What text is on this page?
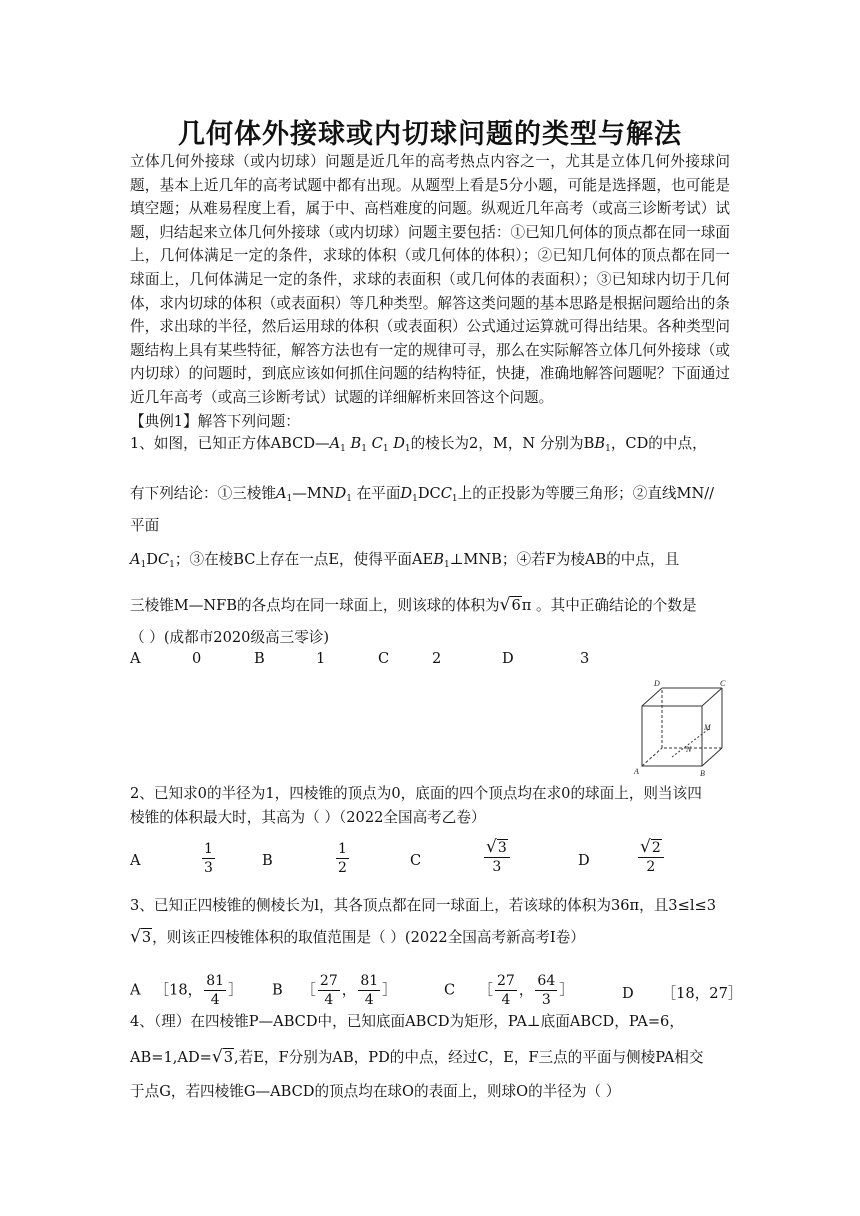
几何体外接球或内切球问题的类型与解法

立体几何外接球（或内切球）问题是近几年的高考热点内容之一，尤其是立体几何外接球问题，基本上近几年的高考试题中都有出现。从题型上看是5分小题，可能是选择题，也可能是填空题；从难易程度上看，属于中、高档难度的问题。纵观近几年高考（或高三诊断考试）试题，归结起来立体几何外接球（或内切球）问题主要包括：①已知几何体的顶点都在同一球面上，几何体满足一定的条件，求球的体积（或几何体的体积）；②已知几何体的顶点都在同一球面上，几何体满足一定的条件，求球的表面积（或几何体的表面积）；③已知球内切于几何体，求内切球的体积（或表面积）等几种类型。解答这类问题的基本思路是根据问题给出的条件，求出球的半径，然后运用球的体积（或表面积）公式通过运算就可得出结果。各种类型问题结构上具有某些特征，解答方法也有一定的规律可寻，那么在实际解答立体几何外接球（或内切球）的问题时，到底应该如何抓住问题的结构特征，快捷，准确地解答问题呢？下面通过近几年高考（或高三诊断考试）试题的详细解析来回答这个问题。

【典例1】解答下列问题：

1、如图，已知正方体$ABCD—A_1$ $B_1$ $C_1$ $D_1$的棱长为2，M，N 分别为$BB_1$，CD的中点，
有下列结论：①三棱锥$A_1—MND_1$ 在平面$D_1DCC_1$上的正投影为等腰三角形；②直线MN//
平面
$A_1DC_1$；③在棱BC上存在一点E，使得平面$AEB_1\perp MNB$；④若F为棱AB的中点，且
三棱锥M—NFB的各点均在同一球面上，则该球的体积为√6π 。其中正确结论的个数是
（ ）(成都市2020级高三零诊)
A	0	B	1	C	2	D	3
D	C
A	B
M
N
2、已知求0的半径为1，四棱锥的顶点为0，底面的四个顶点均在求0的球面上，则当该四
棱锥的体积最大时，其高为（ ）（2022全国高考乙卷）
A	$\frac{1}{3}$	B	$\frac{1}{2}$	C	$\frac{√3}{3}$	D	$\frac{√2}{2}$
3、已知正四棱锥的侧棱长为l，其各顶点都在同一球面上，若该球的体积为36π，且3≤l≤3
√3，则该正四棱锥体积的取值范围是（ ）(2022全国高考新高考Ⅰ卷）
A ［18， $\frac{81}{4}$ ］ B ［ $\frac{27}{4}$ ， $\frac{81}{4}$ ］	C ［ $\frac{27}{4}$ ， $\frac{64}{3}$ ］	D ［18，27］
4、（理）在四棱锥P—ABCD中，已知底面ABCD为矩形，PA⊥底面ABCD，PA=6，
AB=1,AD=√3,若E，F分别为AB，PD的中点，经过C，E，F三点的平面与侧棱PA相交
于点G，若四棱锥G—ABCD的顶点均在球O的表面上，则球O的半径为（ ）
